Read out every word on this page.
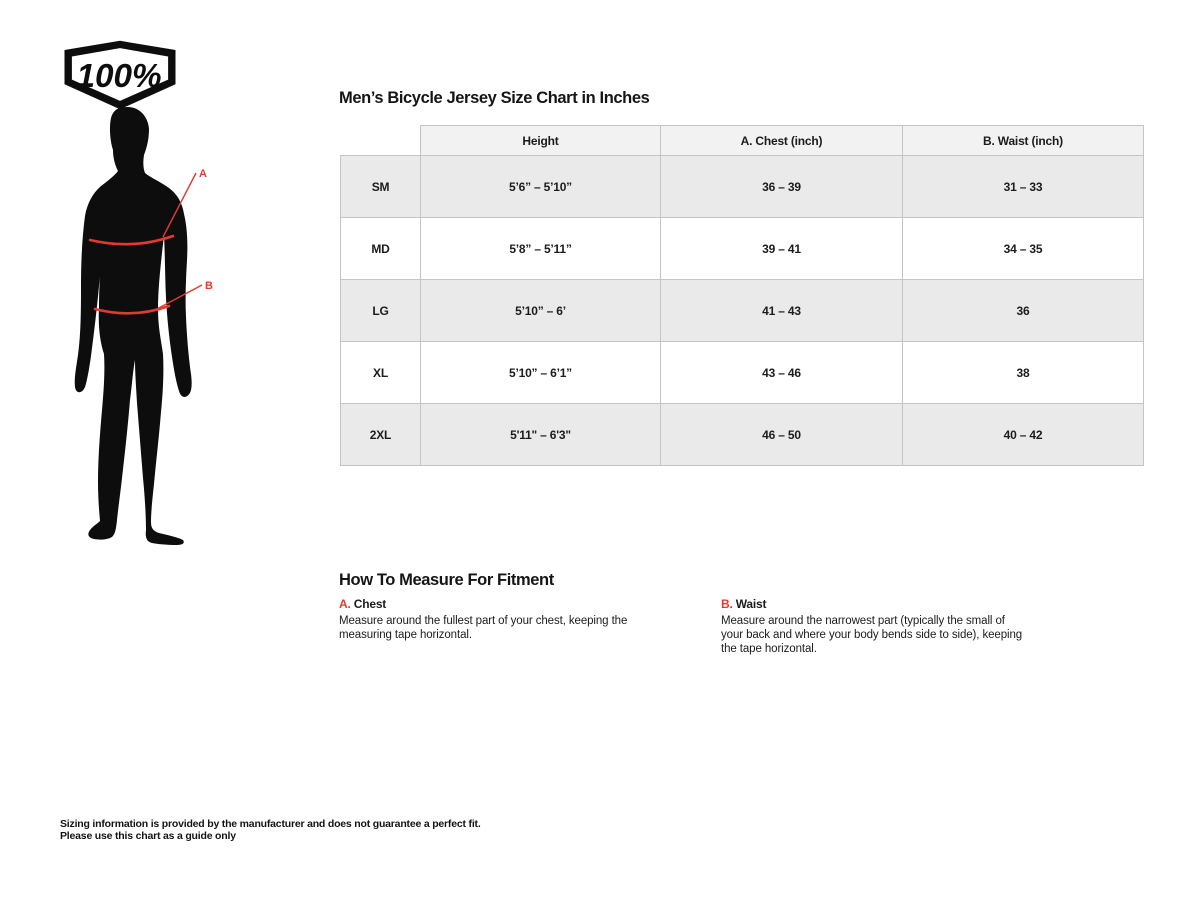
100%
A
B
Men’s Bicycle Jersey Size Chart in Inches
	Height	A. Chest (inch)	B. Waist (inch)
SM	5’6” – 5’10”	36 – 39	31 – 33
MD	5’8” – 5’11”	39 – 41	34 – 35
LG	5’10” – 6’	41 – 43	36
XL	5’10” – 6’1”	43 – 46	38
2XL	5'11" – 6'3"	46 – 50	40 – 42
How To Measure For Fitment
A. Chest

Measure around the fullest part of your chest, keeping the measuring tape horizontal.

B. Waist

Measure around the narrowest part (typically the small of your back and where your body bends side to side), keeping the tape horizontal.

Sizing information is provided by the manufacturer and does not guarantee a perfect fit.
Please use this chart as a guide only
